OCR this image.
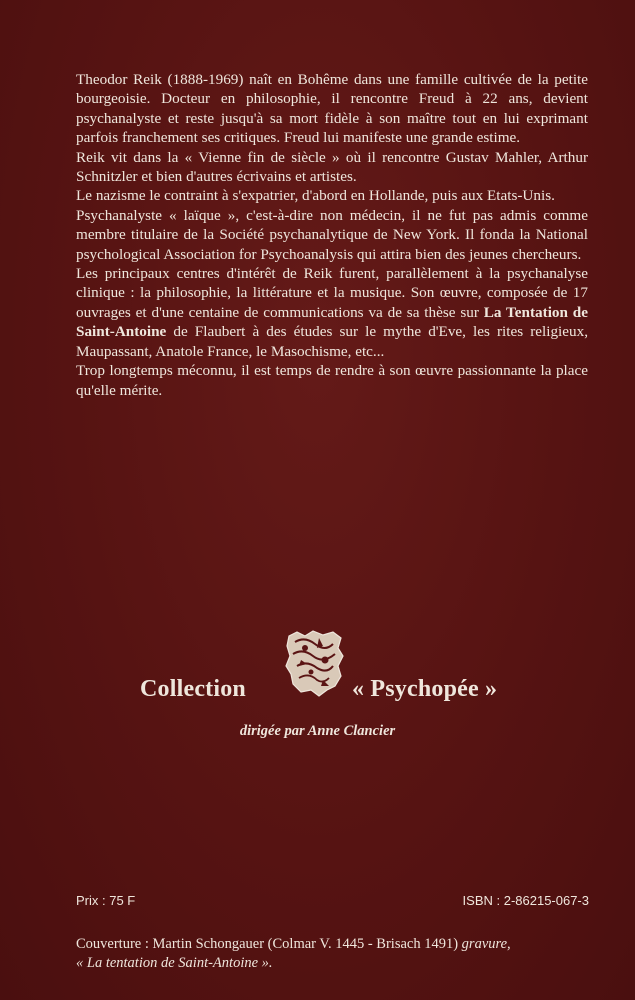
Theodor Reik (1888-1969) naît en Bohême dans une famille cultivée de la petite bourgeoisie. Docteur en philosophie, il rencontre Freud à 22 ans, devient psychanalyste et reste jusqu'à sa mort fidèle à son maître tout en lui exprimant parfois franchement ses critiques. Freud lui manifeste une grande estime.

Reik vit dans la « Vienne fin de siècle » où il rencontre Gustav Mahler, Arthur Schnitzler et bien d'autres écrivains et artistes.

Le nazisme le contraint à s'expatrier, d'abord en Hollande, puis aux Etats-Unis.

Psychanalyste « laïque », c'est-à-dire non médecin, il ne fut pas admis comme membre titulaire de la Société psychanalytique de New York. Il fonda la National psychological Association for Psychoanalysis qui attira bien des jeunes chercheurs.

Les principaux centres d'intérêt de Reik furent, parallèlement à la psychanalyse clinique : la philosophie, la littérature et la musique. Son œuvre, composée de 17 ouvrages et d'une centaine de communications va de sa thèse sur La Tentation de Saint-Antoine de Flaubert à des études sur le mythe d'Eve, les rites religieux, Maupassant, Anatole France, le Masochisme, etc...

Trop longtemps méconnu, il est temps de rendre à son œuvre passionnante la place qu'elle mérite.

Collection	« Psychopée »
dirigée par Anne Clancier
Prix : 75 F	ISBN : 2-86215-067-3

Couverture : Martin Schongauer (Colmar V. 1445 - Brisach 1491) gravure,

« La tentation de Saint-Antoine ».
